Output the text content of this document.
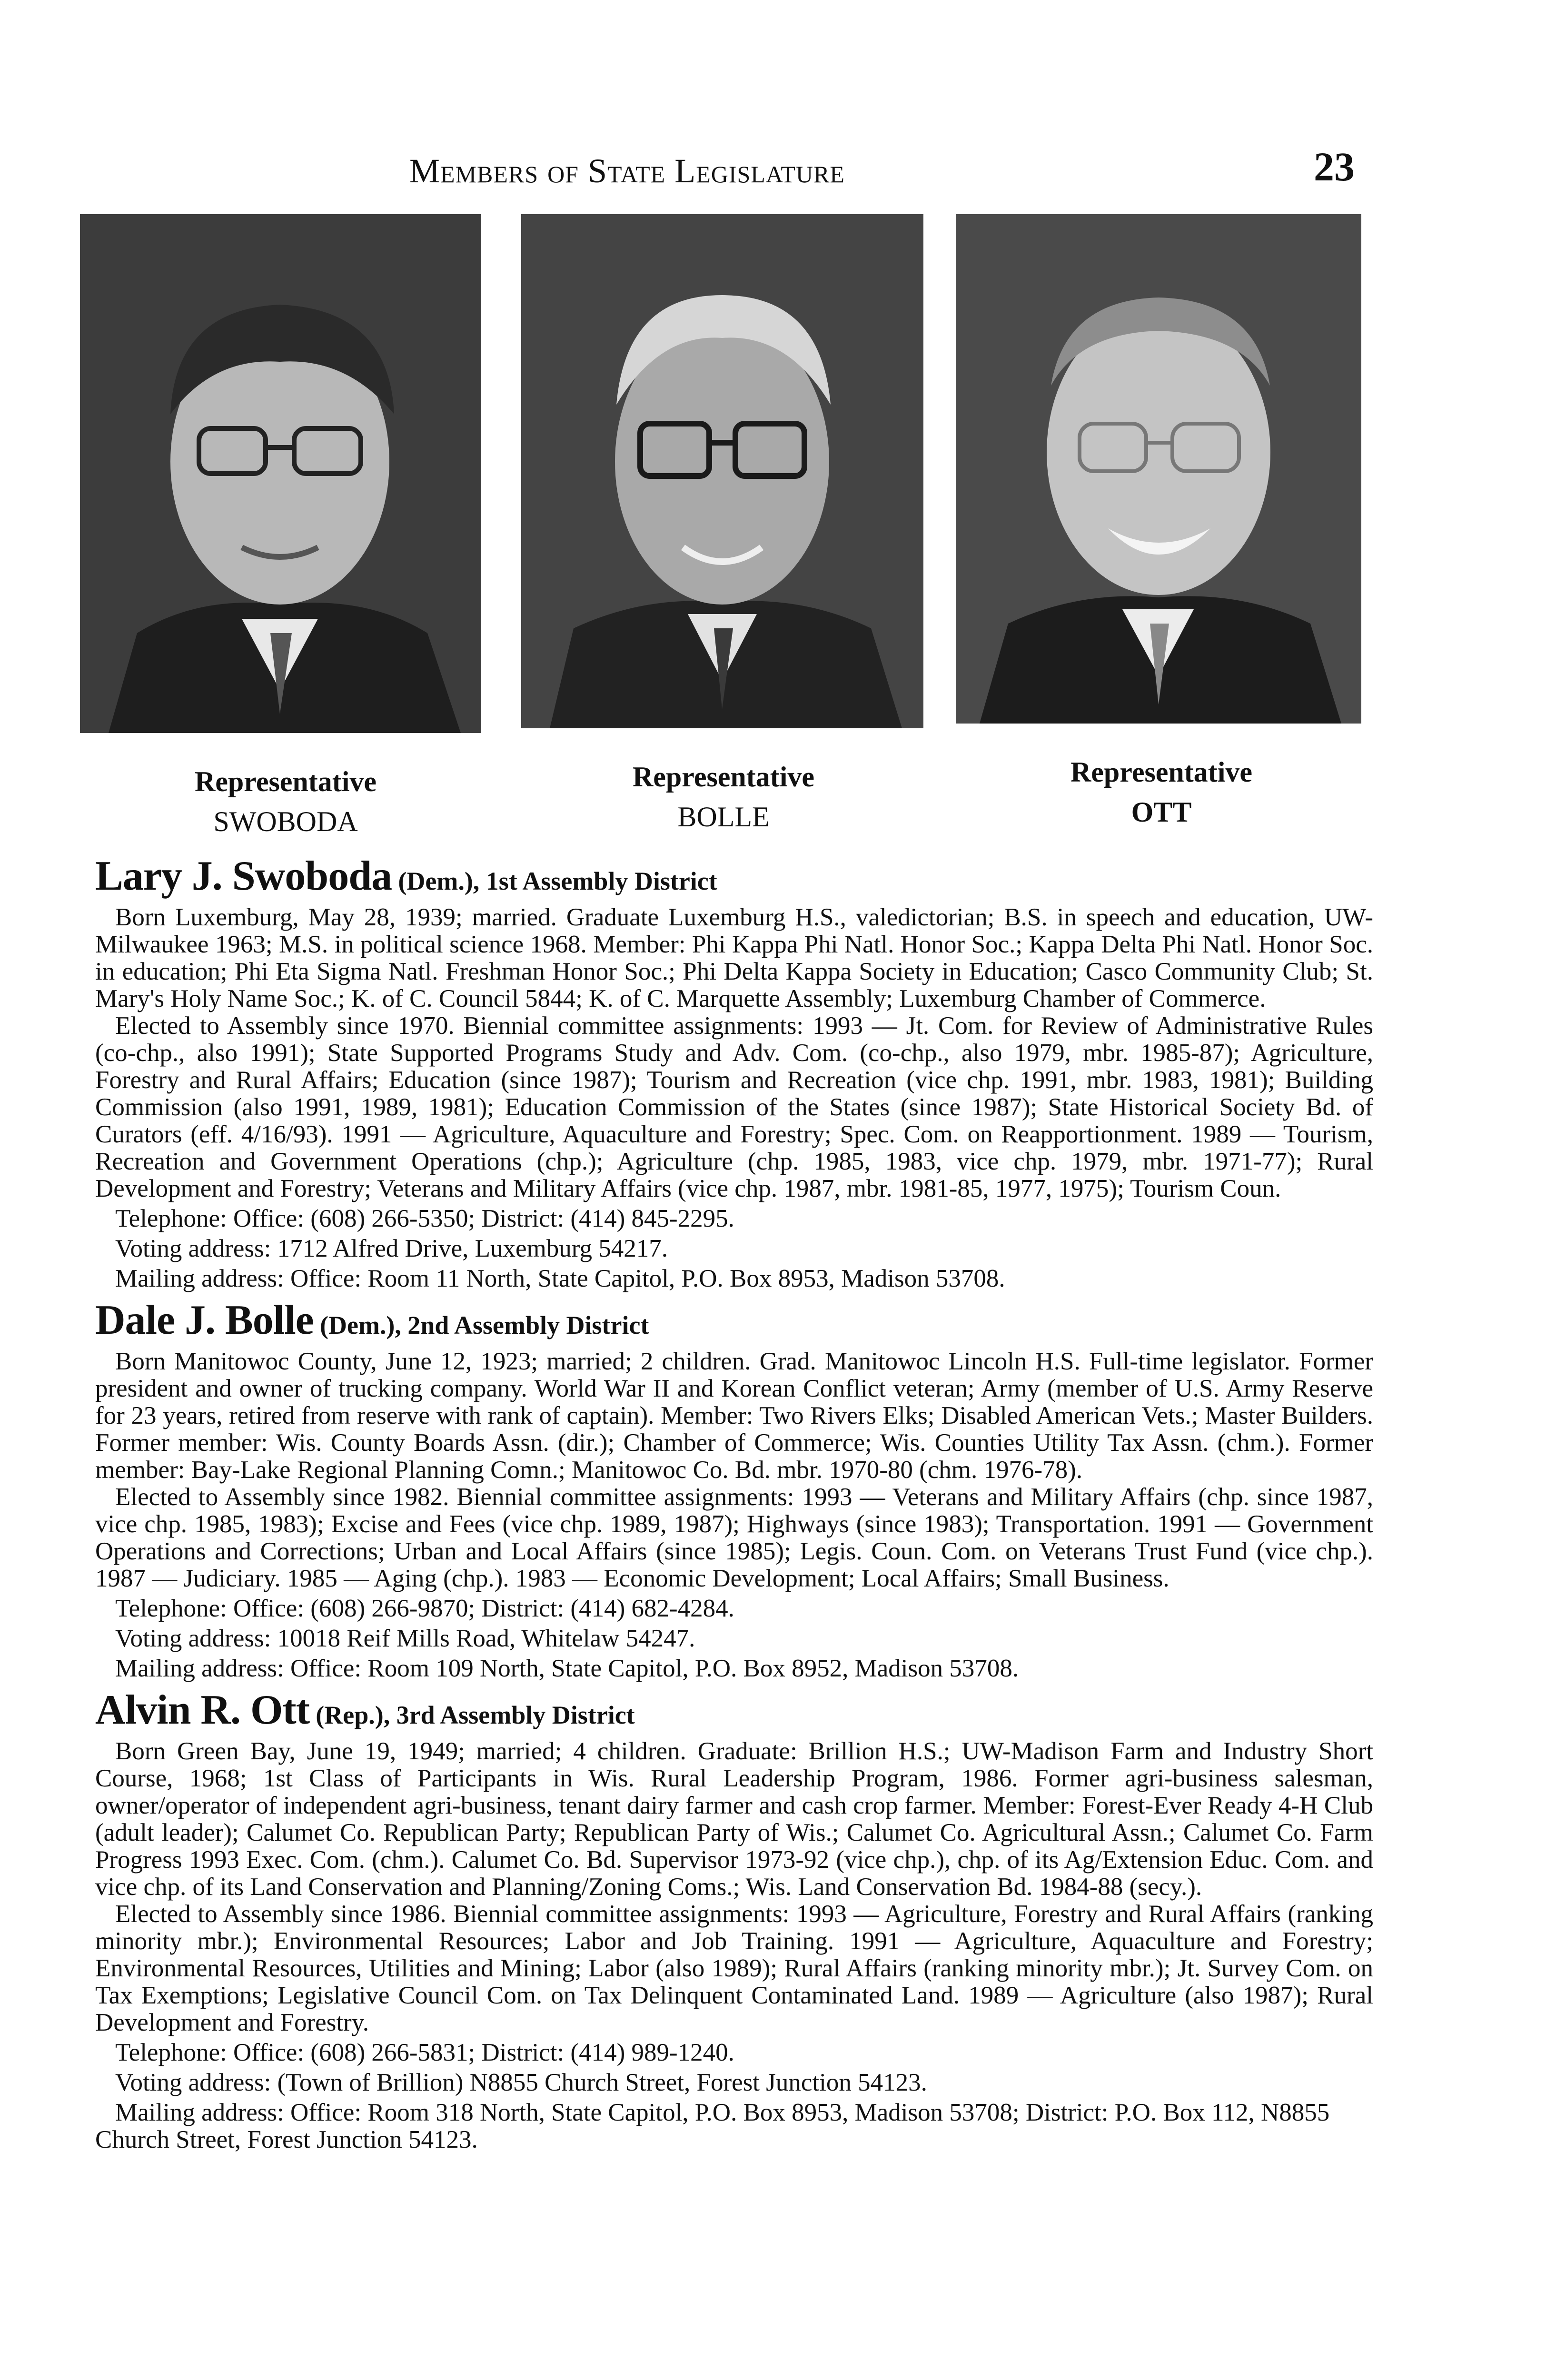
Members of State Legislature	23
Representative
SWOBODA
Representative
BOLLE
Representative
OTT
Lary J. Swoboda (Dem.), 1st Assembly District

Born Luxemburg, May 28, 1939; married. Graduate Luxemburg H.S., valedictorian; B.S. in speech and education, UW-Milwaukee 1963; M.S. in political science 1968. Member: Phi Kappa Phi Natl. Honor Soc.; Kappa Delta Phi Natl. Honor Soc. in education; Phi Eta Sigma Natl. Freshman Honor Soc.; Phi Delta Kappa Society in Education; Casco Community Club; St. Mary's Holy Name Soc.; K. of C. Council 5844; K. of C. Marquette Assembly; Luxemburg Chamber of Commerce.

Elected to Assembly since 1970. Biennial committee assignments: 1993 — Jt. Com. for Review of Administrative Rules (co-chp., also 1991); State Supported Programs Study and Adv. Com. (co-chp., also 1979, mbr. 1985-87); Agriculture, Forestry and Rural Affairs; Education (since 1987); Tourism and Recreation (vice chp. 1991, mbr. 1983, 1981); Building Commission (also 1991, 1989, 1981); Education Commission of the States (since 1987); State Historical Society Bd. of Curators (eff. 4/16/93). 1991 — Agriculture, Aquaculture and Forestry; Spec. Com. on Reapportionment. 1989 — Tourism, Recreation and Government Operations (chp.); Agriculture (chp. 1985, 1983, vice chp. 1979, mbr. 1971-77); Rural Development and Forestry; Veterans and Military Affairs (vice chp. 1987, mbr. 1981-85, 1977, 1975); Tourism Coun.

Telephone: Office: (608) 266-5350; District: (414) 845-2295.

Voting address: 1712 Alfred Drive, Luxemburg 54217.

Mailing address: Office: Room 11 North, State Capitol, P.O. Box 8953, Madison 53708.

Dale J. Bolle (Dem.), 2nd Assembly District

Born Manitowoc County, June 12, 1923; married; 2 children. Grad. Manitowoc Lincoln H.S. Full-time legislator. Former president and owner of trucking company. World War II and Korean Conflict veteran; Army (member of U.S. Army Reserve for 23 years, retired from reserve with rank of captain). Member: Two Rivers Elks; Disabled American Vets.; Master Builders. Former member: Wis. County Boards Assn. (dir.); Chamber of Commerce; Wis. Counties Utility Tax Assn. (chm.). Former member: Bay-Lake Regional Planning Comn.; Manitowoc Co. Bd. mbr. 1970-80 (chm. 1976-78).

Elected to Assembly since 1982. Biennial committee assignments: 1993 — Veterans and Military Affairs (chp. since 1987, vice chp. 1985, 1983); Excise and Fees (vice chp. 1989, 1987); Highways (since 1983); Transportation. 1991 — Government Operations and Corrections; Urban and Local Affairs (since 1985); Legis. Coun. Com. on Veterans Trust Fund (vice chp.). 1987 — Judiciary. 1985 — Aging (chp.). 1983 — Economic Development; Local Affairs; Small Business.

Telephone: Office: (608) 266-9870; District: (414) 682-4284.

Voting address: 10018 Reif Mills Road, Whitelaw 54247.

Mailing address: Office: Room 109 North, State Capitol, P.O. Box 8952, Madison 53708.

Alvin R. Ott (Rep.), 3rd Assembly District

Born Green Bay, June 19, 1949; married; 4 children. Graduate: Brillion H.S.; UW-Madison Farm and Industry Short Course, 1968; 1st Class of Participants in Wis. Rural Leadership Program, 1986. Former agri-business salesman, owner/operator of independent agri-business, tenant dairy farmer and cash crop farmer. Member: Forest-Ever Ready 4-H Club (adult leader); Calumet Co. Republican Party; Republican Party of Wis.; Calumet Co. Agricultural Assn.; Calumet Co. Farm Progress 1993 Exec. Com. (chm.). Calumet Co. Bd. Supervisor 1973-92 (vice chp.), chp. of its Ag/Extension Educ. Com. and vice chp. of its Land Conservation and Planning/Zoning Coms.; Wis. Land Conservation Bd. 1984-88 (secy.).

Elected to Assembly since 1986. Biennial committee assignments: 1993 — Agriculture, Forestry and Rural Affairs (ranking minority mbr.); Environmental Resources; Labor and Job Training. 1991 — Agriculture, Aquaculture and Forestry; Environmental Resources, Utilities and Mining; Labor (also 1989); Rural Affairs (ranking minority mbr.); Jt. Survey Com. on Tax Exemptions; Legislative Council Com. on Tax Delinquent Contaminated Land. 1989 — Agriculture (also 1987); Rural Development and Forestry.

Telephone: Office: (608) 266-5831; District: (414) 989-1240.

Voting address: (Town of Brillion) N8855 Church Street, Forest Junction 54123.

Mailing address: Office: Room 318 North, State Capitol, P.O. Box 8953, Madison 53708; District: P.O. Box 112, N8855 Church Street, Forest Junction 54123.
